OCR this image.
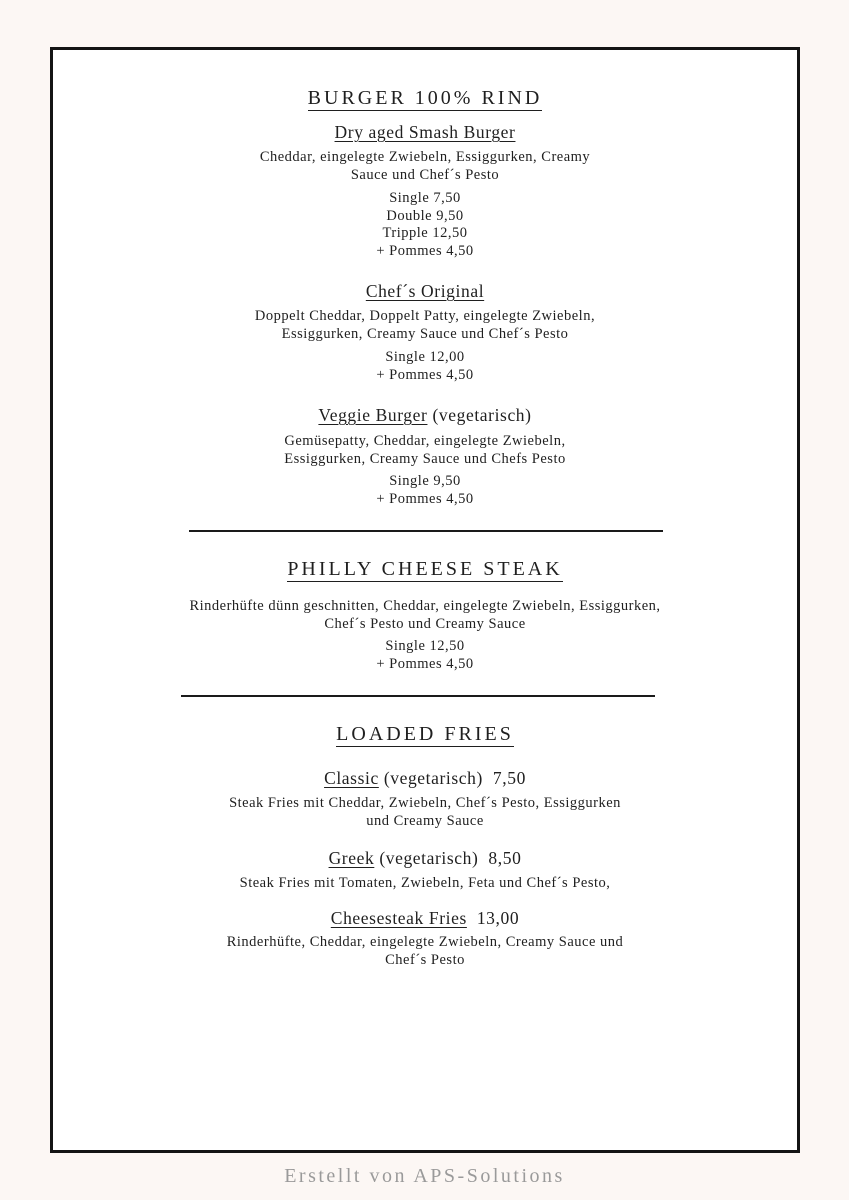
BURGER 100% RIND
Dry aged Smash Burger
Cheddar, eingelegte Zwiebeln, Essiggurken, Creamy
Sauce und Chef´s Pesto
Single 7,50
Double 9,50
Tripple 12,50
+ Pommes 4,50
Chef´s Original
Doppelt Cheddar, Doppelt Patty, eingelegte Zwiebeln,
Essiggurken, Creamy Sauce und Chef´s Pesto
Single 12,00
+ Pommes 4,50
Veggie Burger (vegetarisch)
Gemüsepatty, Cheddar, eingelegte Zwiebeln,
Essiggurken, Creamy Sauce und Chefs Pesto
Single 9,50
+ Pommes 4,50
PHILLY CHEESE STEAK
Rinderhüfte dünn geschnitten, Cheddar, eingelegte Zwiebeln, Essiggurken,
Chef´s Pesto und Creamy Sauce
Single 12,50
+ Pommes 4,50
LOADED FRIES
Classic (vegetarisch) 7,50
Steak Fries mit Cheddar, Zwiebeln, Chef´s Pesto, Essiggurken
und Creamy Sauce
Greek (vegetarisch) 8,50
Steak Fries mit Tomaten, Zwiebeln, Feta und Chef´s Pesto,
Cheesesteak Fries 13,00
Rinderhüfte, Cheddar, eingelegte Zwiebeln, Creamy Sauce und
Chef´s Pesto
Erstellt von APS-Solutions
